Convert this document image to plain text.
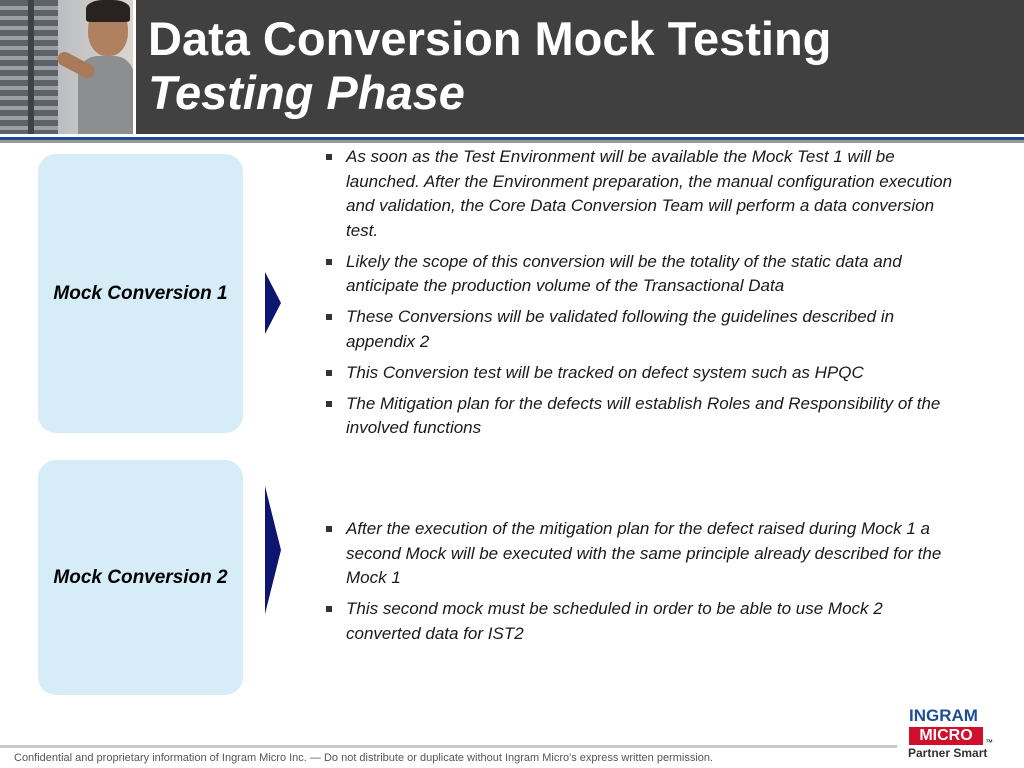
Data Conversion Mock Testing
Testing Phase
Mock Conversion 1
As soon as the Test Environment will be available the Mock Test 1 will be launched. After the Environment preparation, the manual configuration execution and validation, the Core Data Conversion Team will perform a data conversion test.
Likely the scope of this conversion will be the totality of the static data and anticipate the production volume of the Transactional Data
These Conversions will be validated following the guidelines described in appendix 2
This Conversion test will be tracked on defect system such as HPQC
The Mitigation plan for the defects will establish Roles and Responsibility of the involved functions
Mock Conversion 2
After the execution of the mitigation plan for the defect raised during Mock 1 a second Mock will be executed with the same principle already described for the Mock 1
This second mock must be scheduled in order to be able to use Mock 2 converted data for IST2
Confidential and proprietary information of Ingram Micro Inc. — Do not distribute or duplicate without Ingram Micro's express written permission.
INGRAM
MICRO	™
Partner Smart
